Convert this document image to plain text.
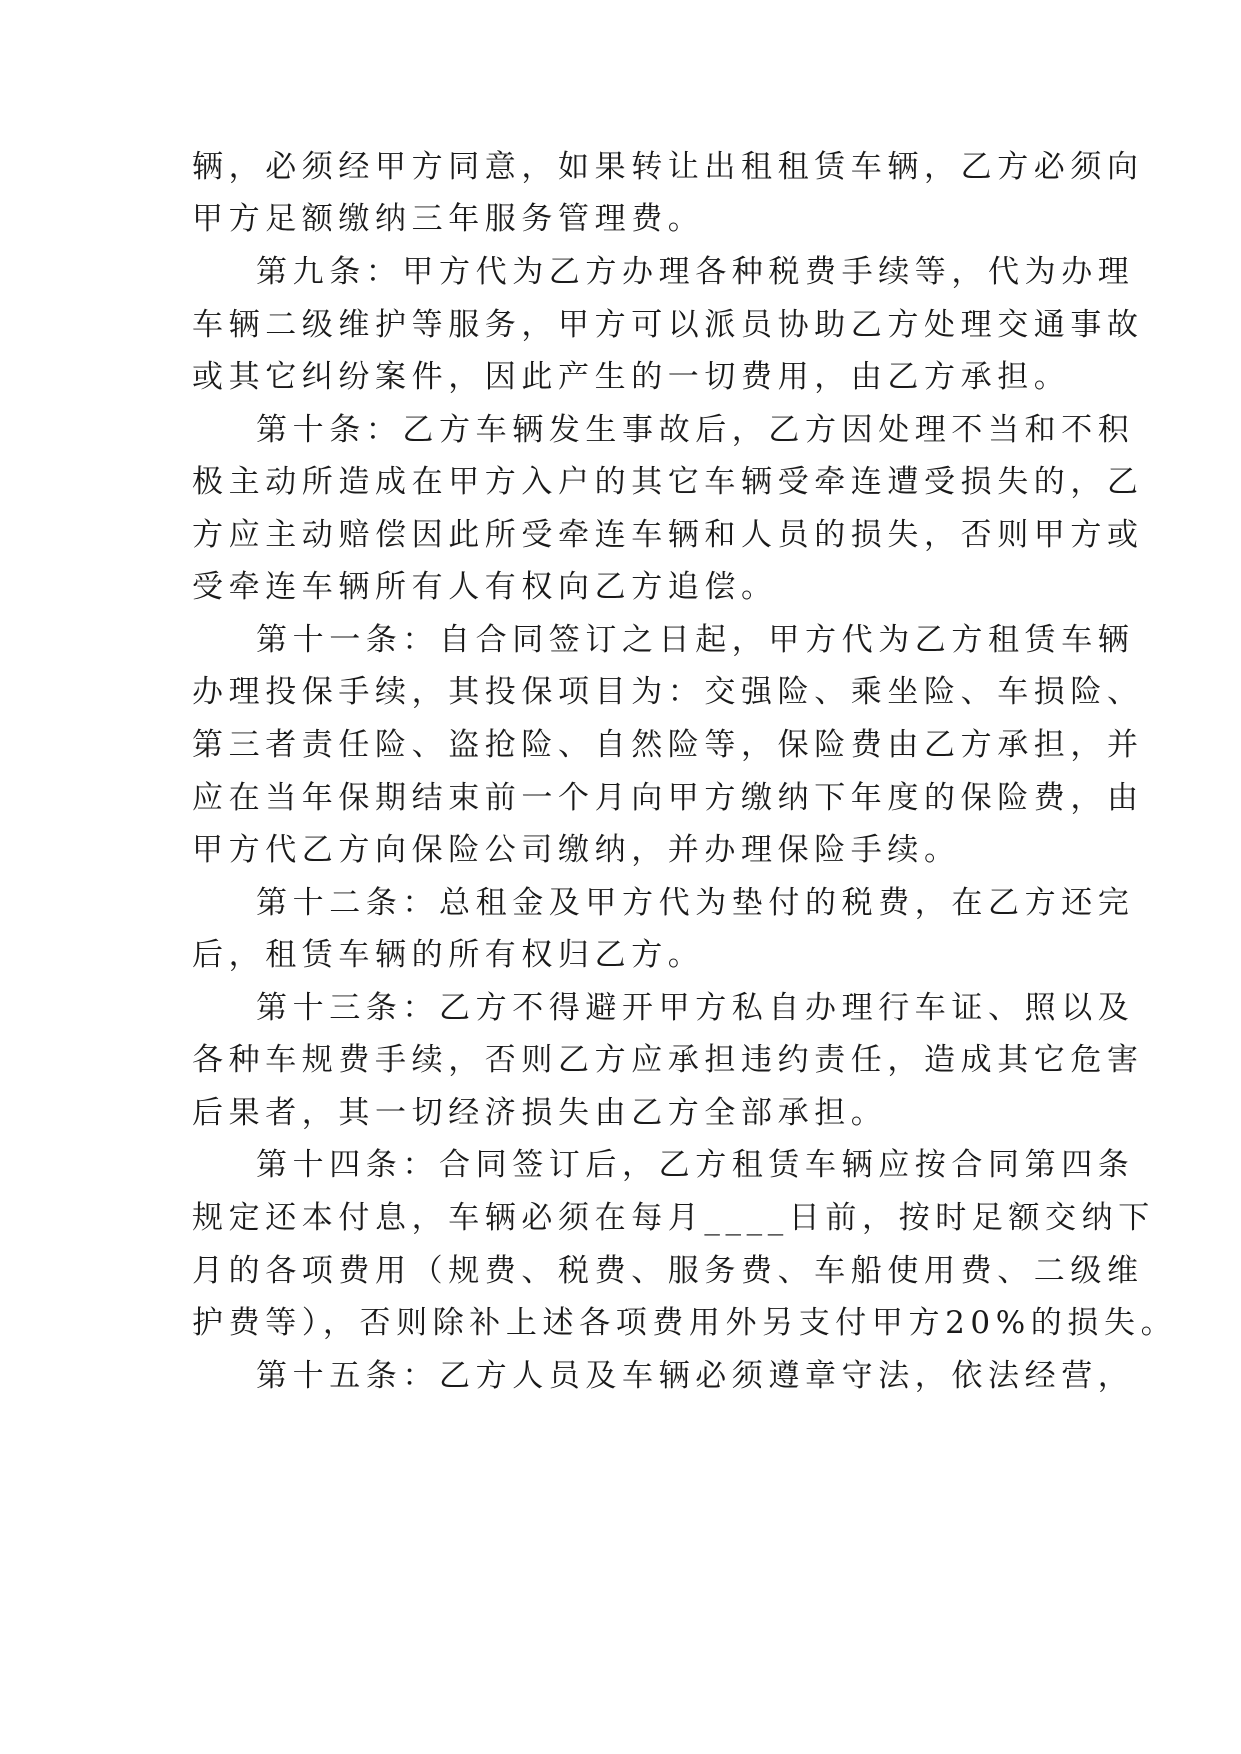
辆，必须经甲方同意，如果转让出租租赁车辆，乙方必须向
甲方足额缴纳三年服务管理费。
第九条：甲方代为乙方办理各种税费手续等，代为办理
车辆二级维护等服务，甲方可以派员协助乙方处理交通事故
或其它纠纷案件，因此产生的一切费用，由乙方承担。
第十条：乙方车辆发生事故后，乙方因处理不当和不积
极主动所造成在甲方入户的其它车辆受牵连遭受损失的，乙
方应主动赔偿因此所受牵连车辆和人员的损失，否则甲方或
受牵连车辆所有人有权向乙方追偿。
第十一条：自合同签订之日起，甲方代为乙方租赁车辆
办理投保手续，其投保项目为：交强险、乘坐险、车损险、
第三者责任险、盗抢险、自然险等，保险费由乙方承担，并
应在当年保期结束前一个月向甲方缴纳下年度的保险费，由
甲方代乙方向保险公司缴纳，并办理保险手续。
第十二条：总租金及甲方代为垫付的税费，在乙方还完
后，租赁车辆的所有权归乙方。
第十三条：乙方不得避开甲方私自办理行车证、照以及
各种车规费手续，否则乙方应承担违约责任，造成其它危害
后果者，其一切经济损失由乙方全部承担。
第十四条：合同签订后，乙方租赁车辆应按合同第四条
规定还本付息，车辆必须在每月____日前，按时足额交纳下
月的各项费用（规费、税费、服务费、车船使用费、二级维
护费等），否则除补上述各项费用外另支付甲方20%的损失。
第十五条：乙方人员及车辆必须遵章守法，依法经营，
